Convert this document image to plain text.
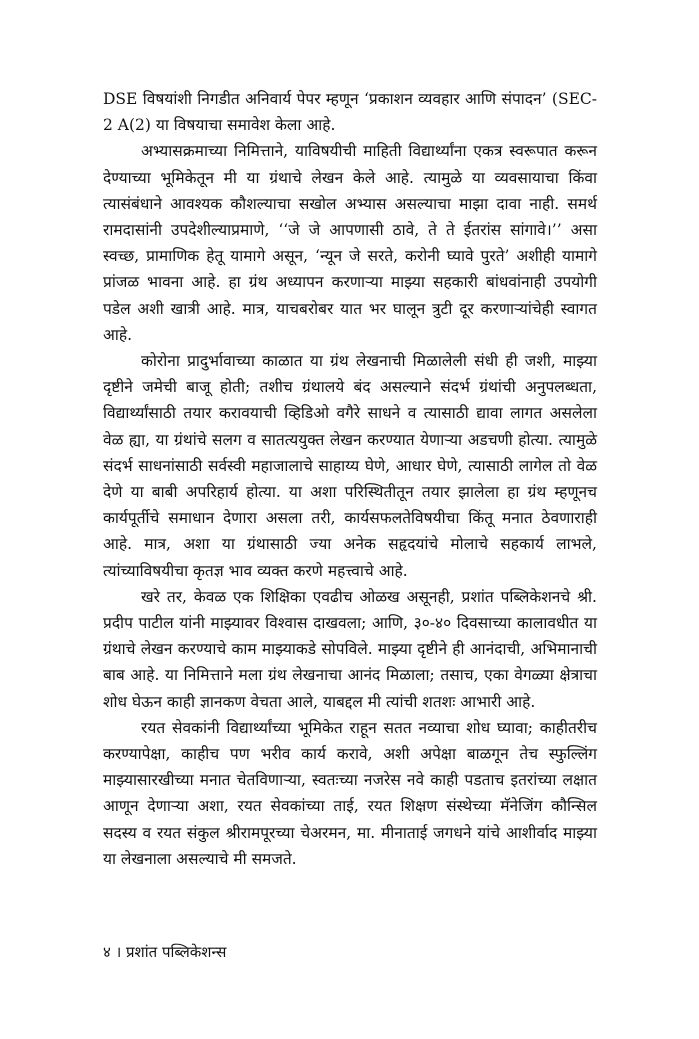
DSE विषयांशी निगडीत अनिवार्य पेपर म्हणून ‘प्रकाशन व्यवहार आणि संपादन’ (SEC-2 A(2) या विषयाचा समावेश केला आहे.

अभ्यासक्रमाच्या निमित्ताने, याविषयीची माहिती विद्यार्थ्यांना एकत्र स्वरूपात करून देण्याच्या भूमिकेतून मी या ग्रंथाचे लेखन केले आहे. त्यामुळे या व्यवसायाचा किंवा त्यासंबंधाने आवश्यक कौशल्याचा सखोल अभ्यास असल्याचा माझा दावा नाही. समर्थ रामदासांनी उपदेशील्याप्रमाणे, ‘‘जे जे आपणासी ठावे, ते ते ईतरांस सांगावे।’’ असा स्वच्छ, प्रामाणिक हेतू यामागे असून, ‘न्यून जे सरते, करोनी घ्यावे पुरते’ अशीही यामागे प्रांजळ भावना आहे. हा ग्रंथ अध्यापन करणाऱ्या माझ्या सहकारी बांधवांनाही उपयोगी पडेल अशी खात्री आहे. मात्र, याचबरोबर यात भर घालून त्रुटी दूर करणाऱ्यांचेही स्वागत आहे.

कोरोना प्रादुर्भावाच्या काळात या ग्रंथ लेखनाची मिळालेली संधी ही जशी, माझ्या दृष्टीने जमेची बाजू होती; तशीच ग्रंथालये बंद असल्याने संदर्भ ग्रंथांची अनुपलब्धता, विद्यार्थ्यांसाठी तयार करावयाची व्हिडिओ वगैरे साधने व त्यासाठी द्यावा लागत असलेला वेळ ह्या, या ग्रंथांचे सलग व सातत्ययुक्त लेखन करण्यात येणाऱ्या अडचणी होत्या. त्यामुळे संदर्भ साधनांसाठी सर्वस्वी महाजालाचे साहाय्य घेणे, आधार घेणे, त्यासाठी लागेल तो वेळ देणे या बाबी अपरिहार्य होत्या. या अशा परिस्थितीतून तयार झालेला हा ग्रंथ म्हणूनच कार्यपूर्तीचे समाधान देणारा असला तरी, कार्यसफलतेविषयीचा किंतू मनात ठेवणाराही आहे. मात्र, अशा या ग्रंथासाठी ज्या अनेक सहृदयांचे मोलाचे सहकार्य लाभले, त्यांच्याविषयीचा कृतज्ञ भाव व्यक्त करणे महत्त्वाचे आहे.

खरे तर, केवळ एक शिक्षिका एवढीच ओळख असूनही, प्रशांत पब्लिकेशनचे श्री. प्रदीप पाटील यांनी माझ्यावर विश्वास दाखवला; आणि, ३०-४० दिवसाच्या कालावधीत या ग्रंथाचे लेखन करण्याचे काम माझ्याकडे सोपविले. माझ्या दृष्टीने ही आनंदाची, अभिमानाची बाब आहे. या निमित्ताने मला ग्रंथ लेखनाचा आनंद मिळाला; तसाच, एका वेगळ्या क्षेत्राचा शोध घेऊन काही ज्ञानकण वेचता आले, याबद्दल मी त्यांची शतशः आभारी आहे.

रयत सेवकांनी विद्यार्थ्यांच्या भूमिकेत राहून सतत नव्याचा शोध घ्यावा; काहीतरीच करण्यापेक्षा, काहीच पण भरीव कार्य करावे, अशी अपेक्षा बाळगून तेच स्फुल्लिंग माझ्यासारखीच्या मनात चेतविणाऱ्या, स्वतःच्या नजरेस नवे काही पडताच इतरांच्या लक्षात आणून देणाऱ्या अशा, रयत सेवकांच्या ताई, रयत शिक्षण संस्थेच्या मॅनेजिंग कौन्सिल सदस्य व रयत संकुल श्रीरामपूरच्या चेअरमन, मा. मीनाताई जगधने यांचे आशीर्वाद माझ्या या लेखनाला असल्याचे मी समजते.

४ । प्रशांत पब्लिकेशन्स
